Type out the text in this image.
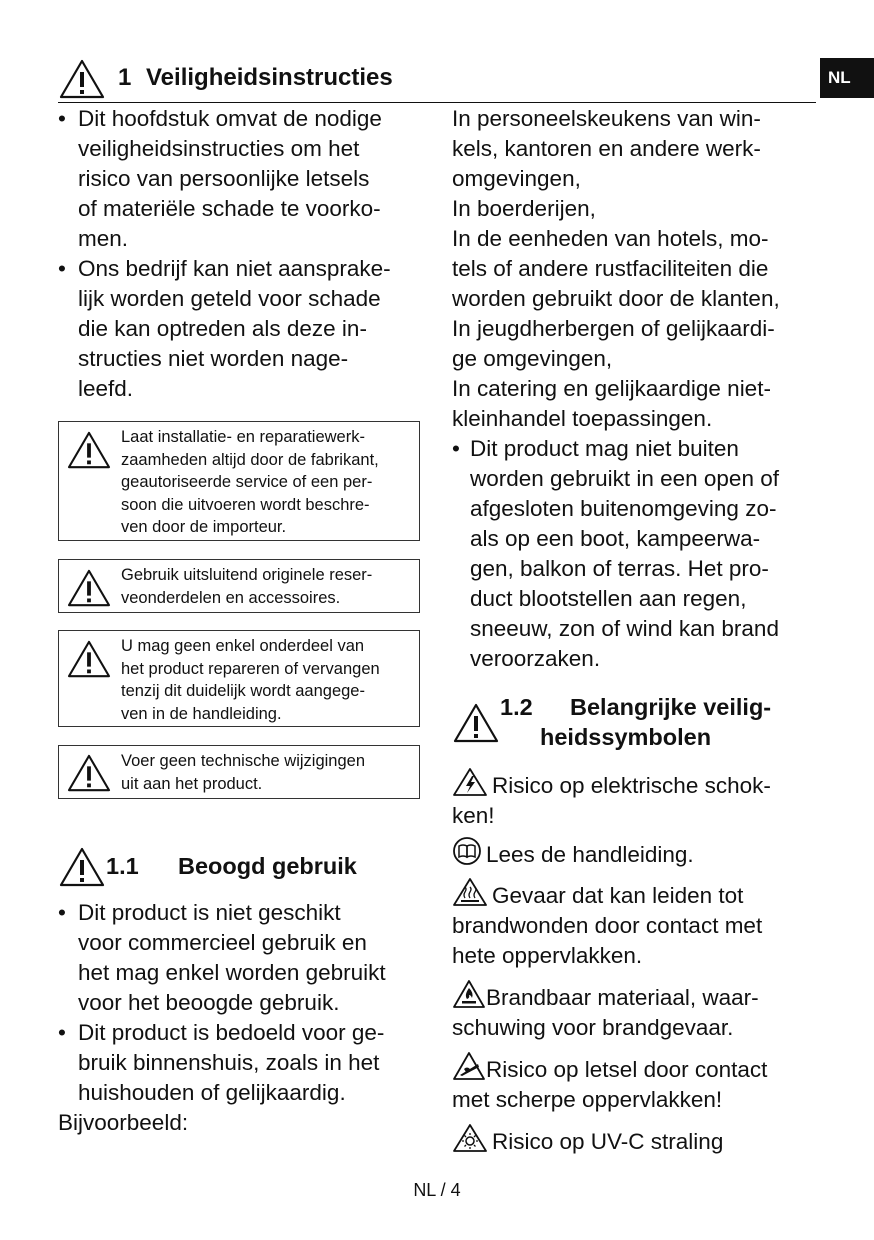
1 Veiligheidsinstructies	NL
• Dit hoofdstuk omvat de nodige
veiligheidsinstructies om het
risico van persoonlijke letsels
of materiële schade te voorko-
men.
• Ons bedrijf kan niet aansprake-
lijk worden geteld voor schade
die kan optreden als deze in-
structies niet worden nage-
leefd.
Laat installatie- en reparatiewerk-
zaamheden altijd door de fabrikant,
geautoriseerde service of een per-
soon die uitvoeren wordt beschre-
ven door de importeur.
Gebruik uitsluitend originele reser-
veonderdelen en accessoires.
U mag geen enkel onderdeel van
het product repareren of vervangen
tenzij dit duidelijk wordt aangege-
ven in de handleiding.
Voer geen technische wijzigingen
uit aan het product.
1.1 Beoogd gebruik
• Dit product is niet geschikt
voor commercieel gebruik en
het mag enkel worden gebruikt
voor het beoogde gebruik.
• Dit product is bedoeld voor ge-
bruik binnenshuis, zoals in het
huishouden of gelijkaardig.
Bijvoorbeeld:
In personeelskeukens van win-
kels, kantoren en andere werk-
omgevingen,
In boerderijen,
In de eenheden van hotels, mo-
tels of andere rustfaciliteiten die
worden gebruikt door de klanten,
In jeugdherbergen of gelijkaardi-
ge omgevingen,
In catering en gelijkaardige niet-
kleinhandel toepassingen.
• Dit product mag niet buiten
worden gebruikt in een open of
afgesloten buitenomgeving zo-
als op een boot, kampeerwa-
gen, balkon of terras. Het pro-
duct blootstellen aan regen,
sneeuw, zon of wind kan brand
veroorzaken.
1.2 Belangrijke veilig-
heidssymbolen
Risico op elektrische schok-
ken!
Lees de handleiding.
Gevaar dat kan leiden tot
brandwonden door contact met
hete oppervlakken.
Brandbaar materiaal, waar-
schuwing voor brandgevaar.
Risico op letsel door contact
met scherpe oppervlakken!
Risico op UV-C straling
NL / 4
